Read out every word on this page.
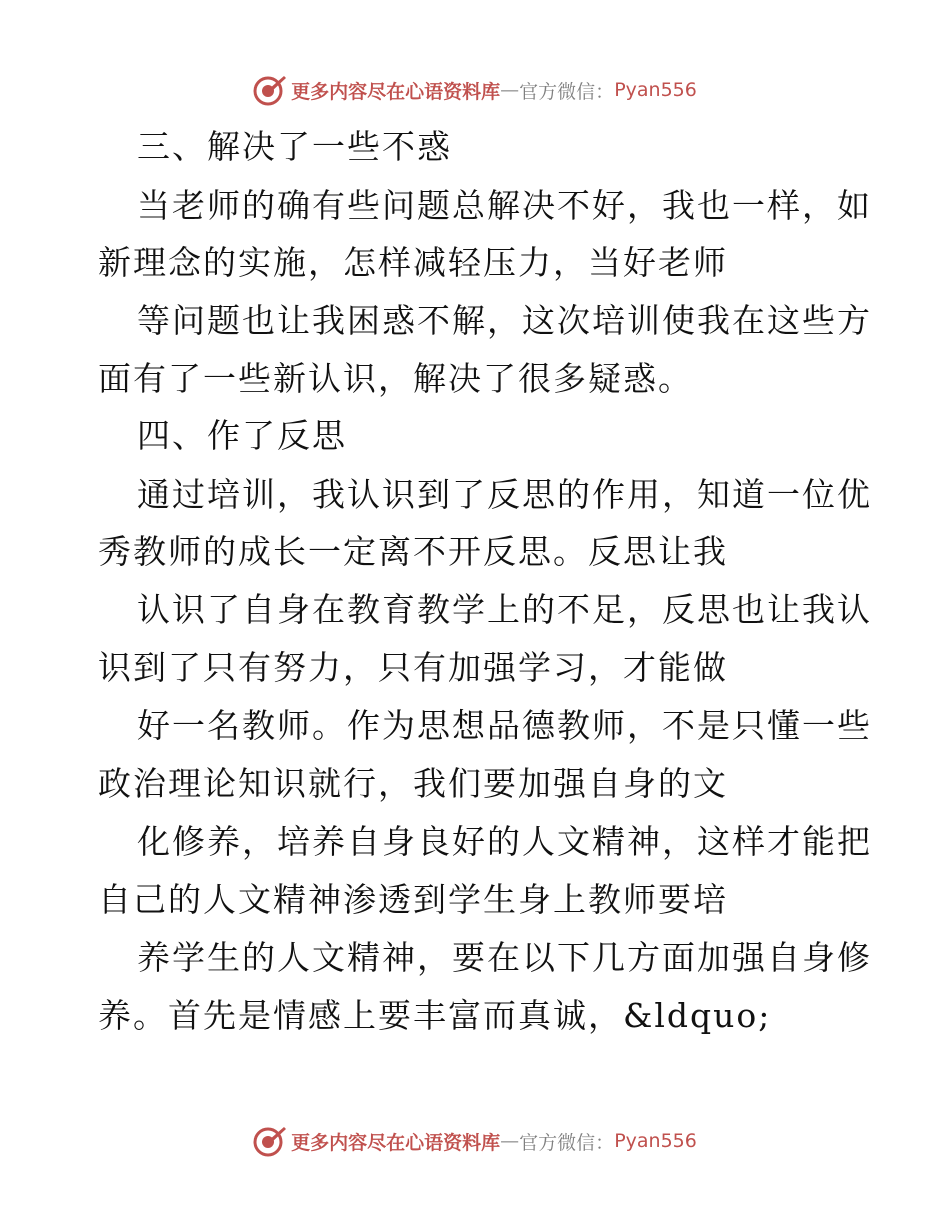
更多内容尽在心语资料库 — 官方微信： Pyan556
三、解决了一些不惑
当老师的确有些问题总解决不好，我也一样，如
新理念的实施，怎样减轻压力，当好老师
等问题也让我困惑不解，这次培训使我在这些方
面有了一些新认识，解决了很多疑惑。
四、作了反思
通过培训，我认识到了反思的作用，知道一位优
秀教师的成长一定离不开反思。反思让我
认识了自身在教育教学上的不足，反思也让我认
识到了只有努力，只有加强学习，才能做
好一名教师。作为思想品德教师，不是只懂一些
政治理论知识就行，我们要加强自身的文
化修养，培养自身良好的人文精神，这样才能把
自己的人文精神渗透到学生身上教师要培
养学生的人文精神，要在以下几方面加强自身修
养。首先是情感上要丰富而真诚，&ldquo;
更多内容尽在心语资料库 — 官方微信： Pyan556
